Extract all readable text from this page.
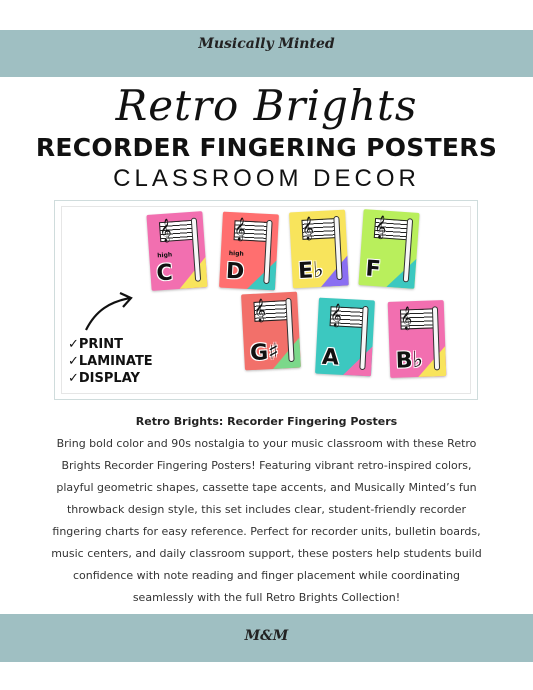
Musically Minted
Retro Brights
RECORDER FINGERING POSTERS
CLASSROOM DECOR
𝄞
high
C
𝄞
high
D
𝄞
E♭
𝄞
F
𝄞
G♯
𝄞
A
𝄞
B♭
✓PRINT
✓LAMINATE
✓DISPLAY
Retro Brights: Recorder Fingering Posters
Bring bold color and 90s nostalgia to your music classroom with these Retro
Brights Recorder Fingering Posters! Featuring vibrant retro-inspired colors,
playful geometric shapes, cassette tape accents, and Musically Minted’s fun
throwback design style, this set includes clear, student-friendly recorder
fingering charts for easy reference. Perfect for recorder units, bulletin boards,
music centers, and daily classroom support, these posters help students build
confidence with note reading and finger placement while coordinating
seamlessly with the full Retro Brights Collection!
M&M
